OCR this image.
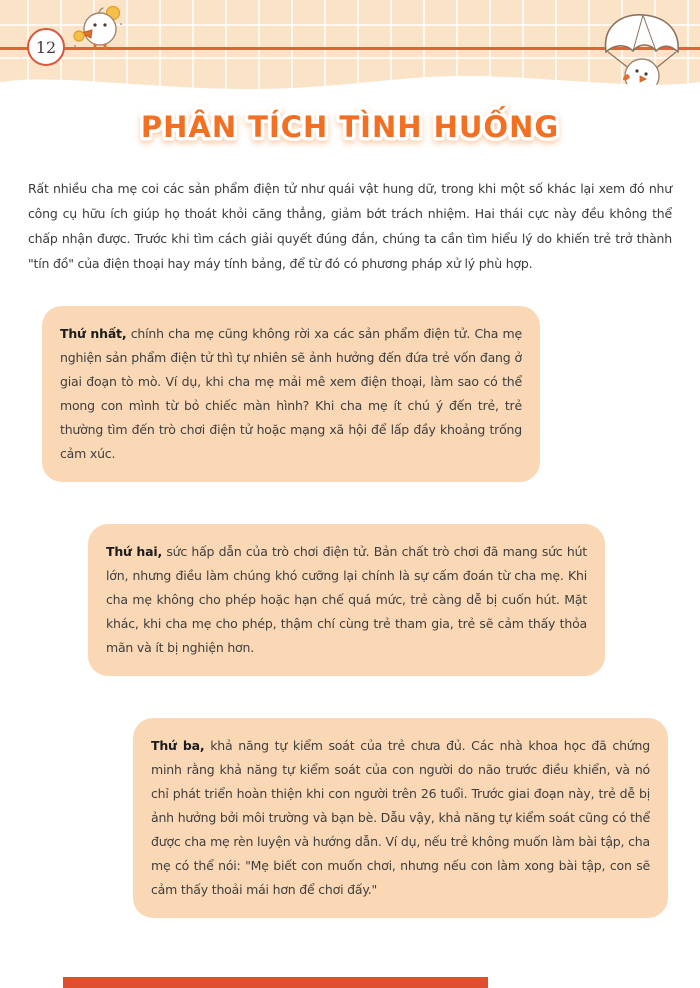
12
PHÂN TÍCH TÌNH HUỐNG

Rất nhiều cha mẹ coi các sản phẩm điện tử như quái vật hung dữ, trong khi một số khác lại xem đó như công cụ hữu ích giúp họ thoát khỏi căng thẳng, giảm bớt trách nhiệm. Hai thái cực này đều không thể chấp nhận được. Trước khi tìm cách giải quyết đúng đắn, chúng ta cần tìm hiểu lý do khiến trẻ trở thành "tín đồ" của điện thoại hay máy tính bảng, để từ đó có phương pháp xử lý phù hợp.

Thứ nhất, chính cha mẹ cũng không rời xa các sản phẩm điện tử. Cha mẹ nghiện sản phẩm điện tử thì tự nhiên sẽ ảnh hưởng đến đứa trẻ vốn đang ở giai đoạn tò mò. Ví dụ, khi cha mẹ mải mê xem điện thoại, làm sao có thể mong con mình từ bỏ chiếc màn hình? Khi cha mẹ ít chú ý đến trẻ, trẻ thường tìm đến trò chơi điện tử hoặc mạng xã hội để lấp đầy khoảng trống cảm xúc.
Thứ hai, sức hấp dẫn của trò chơi điện tử. Bản chất trò chơi đã mang sức hút lớn, nhưng điều làm chúng khó cưỡng lại chính là sự cấm đoán từ cha mẹ. Khi cha mẹ không cho phép hoặc hạn chế quá mức, trẻ càng dễ bị cuốn hút. Mặt khác, khi cha mẹ cho phép, thậm chí cùng trẻ tham gia, trẻ sẽ cảm thấy thỏa mãn và ít bị nghiện hơn.
Thứ ba, khả năng tự kiểm soát của trẻ chưa đủ. Các nhà khoa học đã chứng minh rằng khả năng tự kiểm soát của con người do não trước điều khiển, và nó chỉ phát triển hoàn thiện khi con người trên 26 tuổi. Trước giai đoạn này, trẻ dễ bị ảnh hưởng bởi môi trường và bạn bè. Dẫu vậy, khả năng tự kiểm soát cũng có thể được cha mẹ rèn luyện và hướng dẫn. Ví dụ, nếu trẻ không muốn làm bài tập, cha mẹ có thể nói: "Mẹ biết con muốn chơi, nhưng nếu con làm xong bài tập, con sẽ cảm thấy thoải mái hơn để chơi đấy."
